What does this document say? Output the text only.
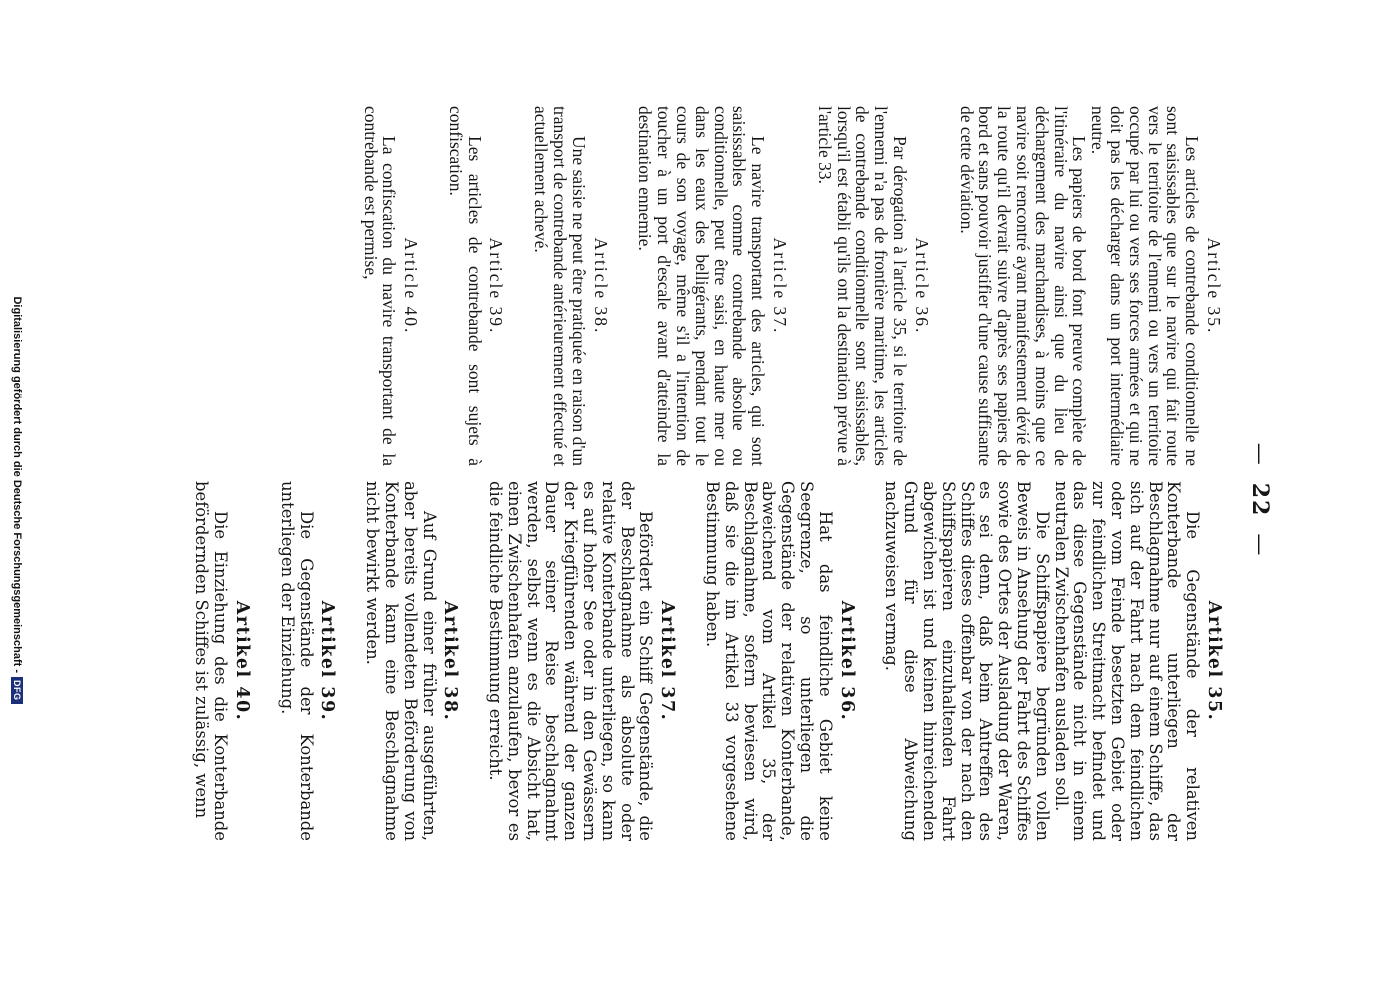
—22—
Article 35.

Les articles de contrebande conditionnelle ne sont saisissables que sur le navire qui fait route vers le territoire de l'ennemi ou vers un territoire occupé par lui ou vers ses forces armées et qui ne doit pas les décharger dans un port intermédiaire neutre.

Les papiers de bord font preuve complète de l'itinéraire du navire ainsi que du lieu de déchargement des marchandises, à moins que ce navire soit rencontré ayant manifestement dévié de la route qu'il devrait suivre d'après ses papiers de bord et sans pouvoir justifier d'une cause suffisante de cette déviation.

Article 36.

Par dérogation à l'article 35, si le territoire de l'ennemi n'a pas de frontière maritime, les articles de contrebande conditionnelle sont saisissables, lorsqu'il est établi qu'ils ont la destination prévue à l'article 33.

Article 37.

Le navire transportant des articles, qui sont saisissables comme contrebande absolue ou conditionnelle, peut être saisi, en haute mer ou dans les eaux des belligérants, pendant tout le cours de son voyage, même s'il a l'intention de toucher à un port d'escale avant d'atteindre la destination ennemie.

Article 38.

Une saisie ne peut être pratiquée en raison d'un transport de contrebande antérieurement effectué et actuellement achevé.

Article 39.

Les articles de contrebande sont sujets à confiscation.

Article 40.

La confiscation du navire transportant de la contrebande est permise,

Artikel 35.

Die Gegenstände der relativen Konterbande unterliegen der Beschlagnahme nur auf einem Schiffe, das sich auf der Fahrt nach dem feindlichen oder vom Feinde besetzten Gebiet oder zur feindlichen Streitmacht befindet und das diese Gegenstände nicht in einem neutralen Zwischenhafen ausladen soll.

Die Schiffspapiere begründen vollen Beweis in Ansehung der Fahrt des Schiffes sowie des Ortes der Ausladung der Waren, es sei denn, daß beim Antreffen des Schiffes dieses offenbar von der nach den Schiffspapieren einzuhaltenden Fahrt abgewichen ist und keinen hinreichenden Grund für diese Abweichung nachzuweisen vermag.

Artikel 36.

Hat das feindliche Gebiet keine Seegrenze, so unterliegen die Gegenstände der relativen Konterbande, abweichend vom Artikel 35, der Beschlagnahme, sofern bewiesen wird, daß sie die im Artikel 33 vorgesehene Bestimmung haben.

Artikel 37.

Befördert ein Schiff Gegenstände, die der Beschlagnahme als absolute oder relative Konterbande unterliegen, so kann es auf hoher See oder in den Gewässern der Kriegführenden während der ganzen Dauer seiner Reise beschlagnahmt werden, selbst wenn es die Absicht hat, einen Zwischenhafen anzulaufen, bevor es die feindliche Bestimmung erreicht.

Artikel 38.

Auf Grund einer früher ausgeführten, aber bereits vollendeten Beförderung von Konterbande kann eine Beschlagnahme nicht bewirkt werden.

Artikel 39.

Die Gegenstände der Konterbande unterliegen der Einziehung.

Artikel 40.

Die Einziehung des die Konterbande befördernden Schiffes ist zulässig, wenn

Digitalisierung gefördert durch die Deutsche Forschungsgemeinschaft -DFG
